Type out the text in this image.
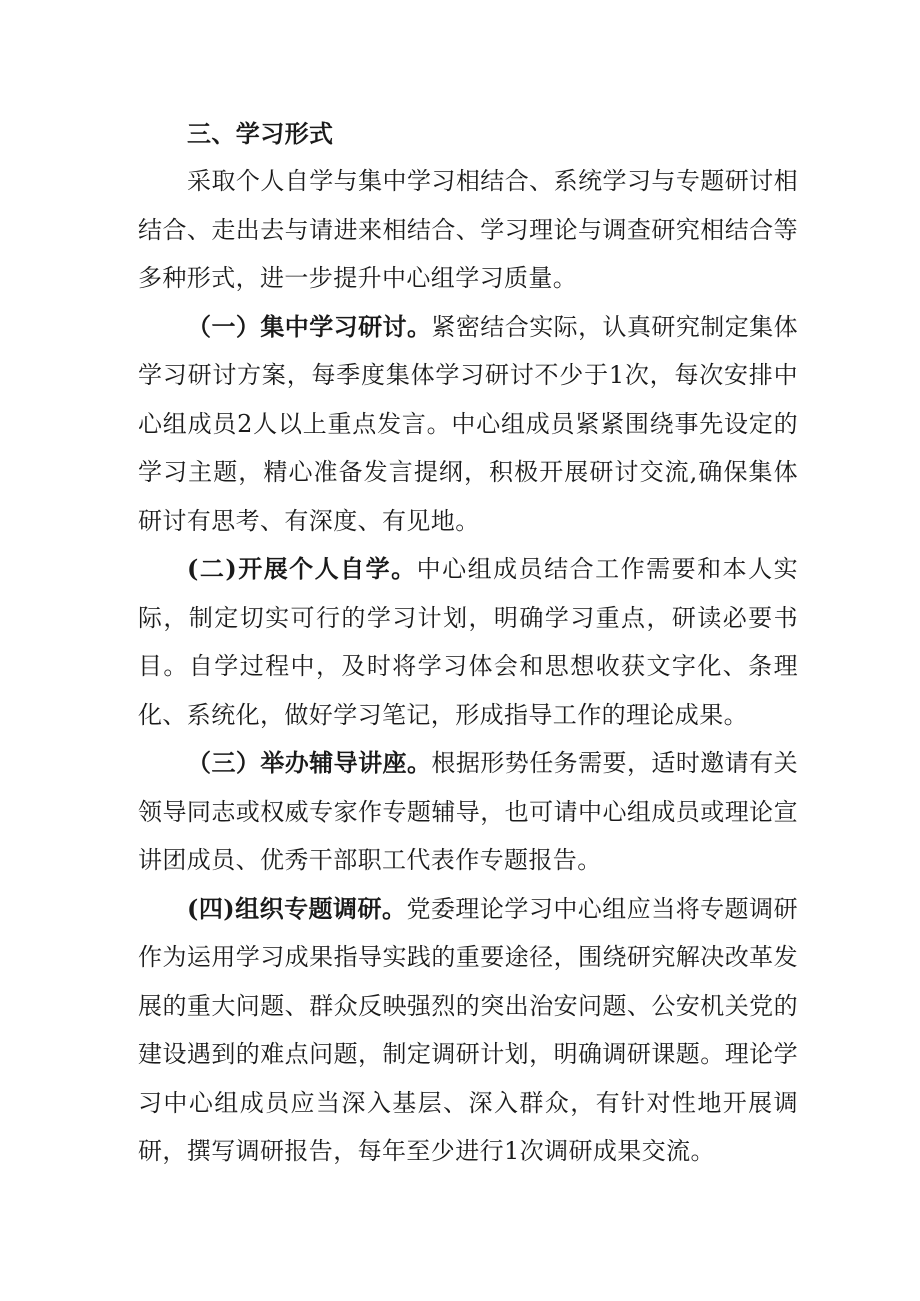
三、学习形式

采取个人自学与集中学习相结合、系统学习与专题研讨相结合、走出去与请进来相结合、学习理论与调查研究相结合等多种形式，进一步提升中心组学习质量。

（一）集中学习研讨。紧密结合实际，认真研究制定集体学习研讨方案，每季度集体学习研讨不少于1次，每次安排中心组成员2人以上重点发言。中心组成员紧紧围绕事先设定的学习主题，精心准备发言提纲，积极开展研讨交流,确保集体研讨有思考、有深度、有见地。

(二)开展个人自学。中心组成员结合工作需要和本人实际，制定切实可行的学习计划，明确学习重点，研读必要书目。自学过程中，及时将学习体会和思想收获文字化、条理化、系统化，做好学习笔记，形成指导工作的理论成果。

（三）举办辅导讲座。根据形势任务需要，适时邀请有关领导同志或权威专家作专题辅导，也可请中心组成员或理论宣讲团成员、优秀干部职工代表作专题报告。

(四)组织专题调研。党委理论学习中心组应当将专题调研作为运用学习成果指导实践的重要途径，围绕研究解决改革发展的重大问题、群众反映强烈的突出治安问题、公安机关党的建设遇到的难点问题，制定调研计划，明确调研课题。理论学习中心组成员应当深入基层、深入群众，有针对性地开展调研，撰写调研报告，每年至少进行1次调研成果交流。
